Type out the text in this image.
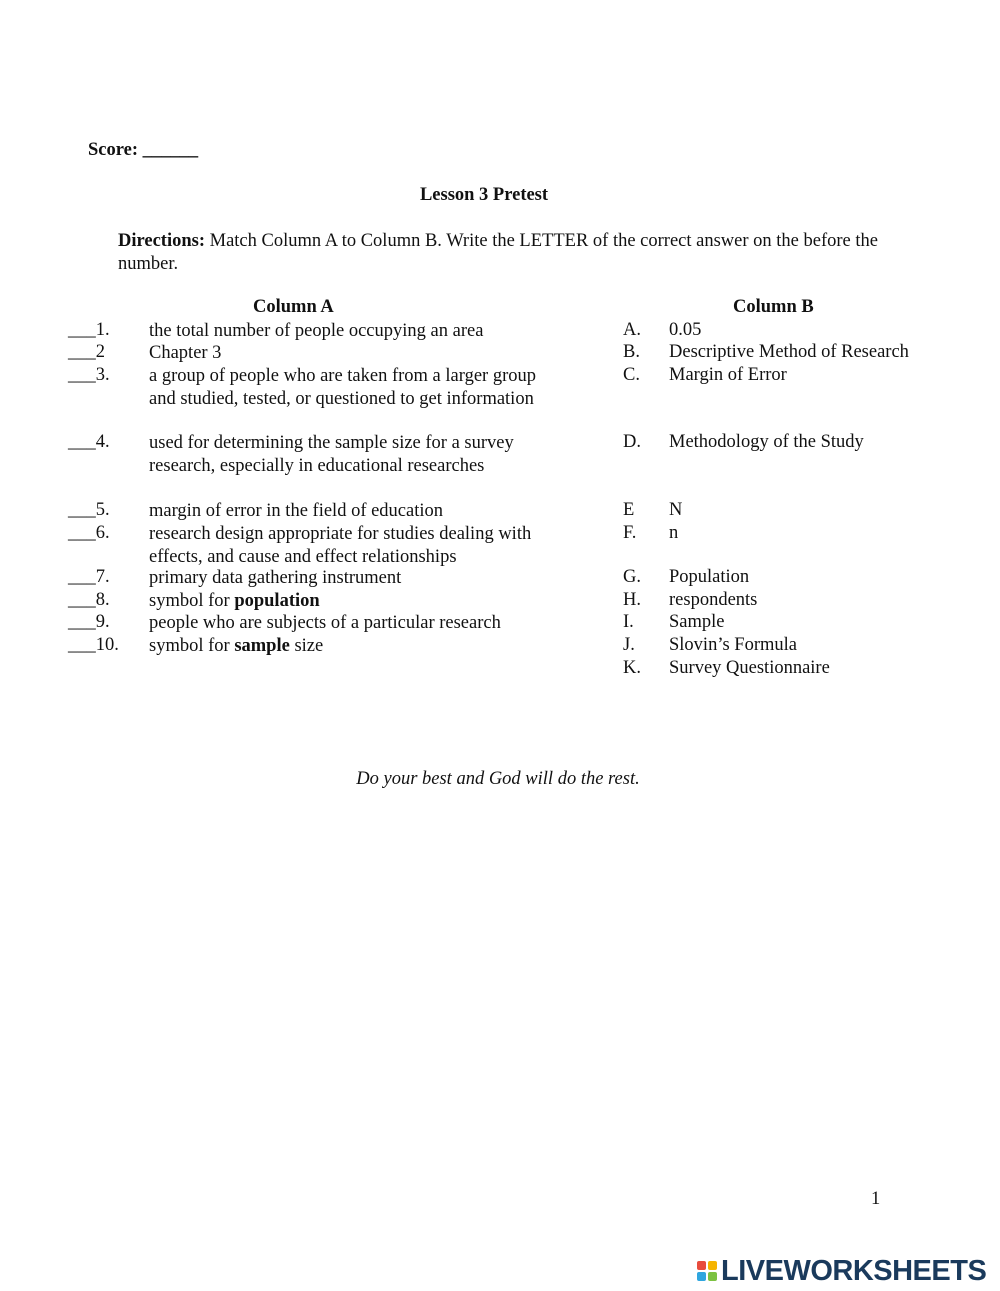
Score: ______
Lesson 3 Pretest
Directions: Match Column A to Column B. Write the LETTER of the correct answer on the before the number.
Column A	Column B
___1. the total number of people occupying an area
___2 Chapter 3
___3. a group of people who are taken from a larger group and studied, tested, or questioned to get information
___4. used for determining the sample size for a survey research, especially in educational researches
___5. margin of error in the field of education
___6. research design appropriate for studies dealing with effects, and cause and effect relationships
___7. primary data gathering instrument
___8. symbol for population
___9. people who are subjects of a particular research
___10. symbol for sample size
A. 0.05
B. Descriptive Method of Research
C. Margin of Error
D. Methodology of the Study
E N
F. n
G. Population
H. respondents
I. Sample
J. Slovin’s Formula
K. Survey Questionnaire
Do your best and God will do the rest.
1
LIVEWORKSHEETS
